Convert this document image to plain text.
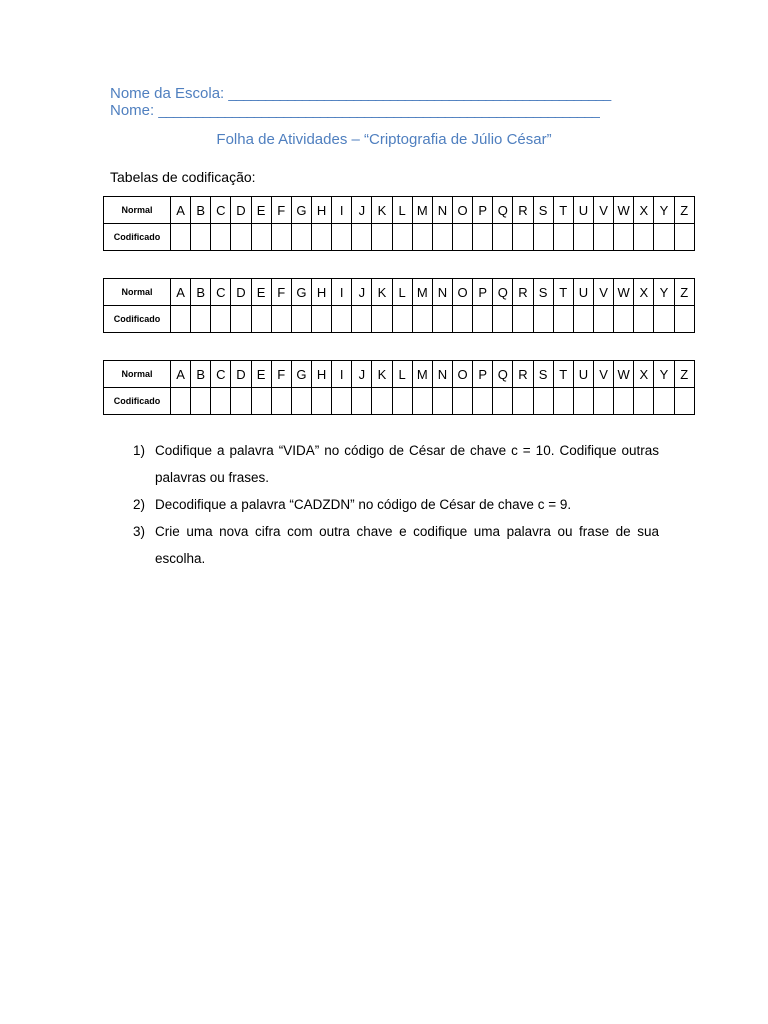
Nome da Escola: ____________________________________________________
Nome: ____________________________________________________________
Folha de Atividades – “Criptografia de Júlio César”
Tabelas de codificação:
Normal	A	B	C	D	E	F	G	H	I	J	K	L	M	N	O	P	Q	R	S	T	U	V	W	X	Y	Z
Codificado																										
Normal	A	B	C	D	E	F	G	H	I	J	K	L	M	N	O	P	Q	R	S	T	U	V	W	X	Y	Z
Codificado																										
Normal	A	B	C	D	E	F	G	H	I	J	K	L	M	N	O	P	Q	R	S	T	U	V	W	X	Y	Z
Codificado																										
1) Codifique a palavra “VIDA” no código de César de chave c = 10. Codifique outras palavras ou frases.
2) Decodifique a palavra “CADZDN” no código de César de chave c = 9.
3) Crie uma nova cifra com outra chave e codifique uma palavra ou frase de sua escolha.
